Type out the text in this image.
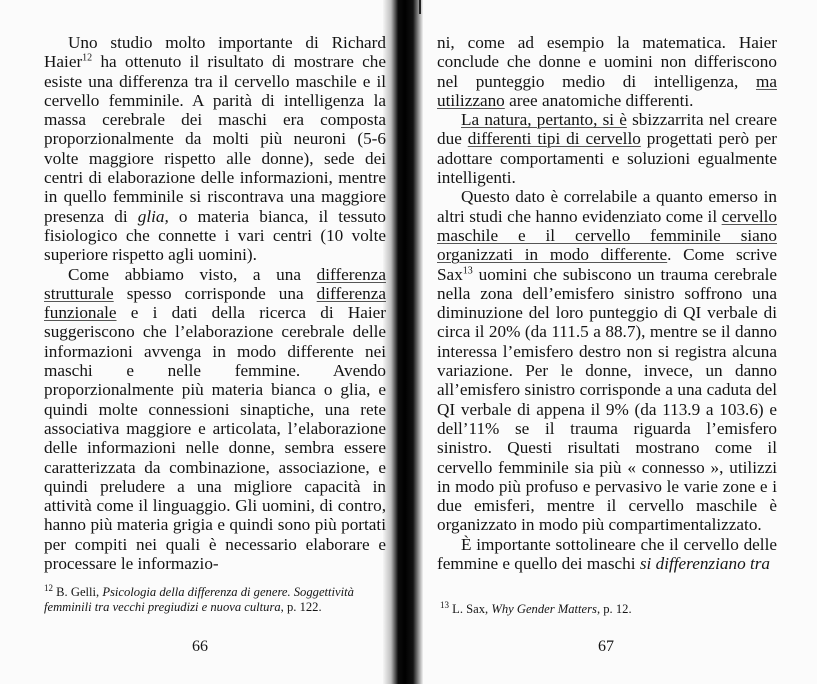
Uno studio molto importante di Richard Haier$^{12}$ ha ottenuto il risultato di mostrare che esiste una differenza tra il cervello maschile e il cervello femminile. A parità di intelligenza la massa cerebrale dei maschi era composta proporzionalmente da molti più neuroni (5-6 volte maggiore rispetto alle donne), sede dei centri di elaborazione delle informazioni, mentre in quello femminile si riscontrava una maggiore presenza di glia, o materia bianca, il tessuto fisiologico che connette i vari centri (10 volte superiore rispetto agli uomini).

Come abbiamo visto, a una differenza strutturale spesso corrisponde una differenza funzionale e i dati della ricerca di Haier suggeriscono che l’elaborazione cerebrale delle informazioni avvenga in modo differente nei maschi e nelle femmine. Avendo proporzionalmente più materia bianca o glia, e quindi molte connessioni sinaptiche, una rete associativa maggiore e articolata, l’elaborazione delle informazioni nelle donne, sembra essere caratterizzata da combinazione, associazione, e quindi preludere a una migliore capacità in attività come il linguaggio. Gli uomini, di contro, hanno più materia grigia e quindi sono più portati per compiti nei quali è necessario elaborare e processare le informazio-

$^{12}$ B. Gelli, Psicologia della differenza di genere. Soggettività femminili tra vecchi pregiudizi e nuova cultura, p. 122.
66

ni, come ad esempio la matematica. Haier conclude che donne e uomini non differiscono nel punteggio medio di intelligenza, ma utilizzano aree anatomiche differenti.

La natura, pertanto, si è sbizzarrita nel creare due differenti tipi di cervello progettati però per adottare comportamenti e soluzioni egualmente intelligenti.

Questo dato è correlabile a quanto emerso in altri studi che hanno evidenziato come il cervello maschile e il cervello femminile siano organizzati in modo differente. Come scrive Sax$^{13}$ uomini che subiscono un trauma cerebrale nella zona dell’emisfero sinistro soffrono una diminuzione del loro punteggio di QI verbale di circa il 20% (da 111.5 a 88.7), mentre se il danno interessa l’emisfero destro non si registra alcuna variazione. Per le donne, invece, un danno all’emisfero sinistro corrisponde a una caduta del QI verbale di appena il 9% (da 113.9 a 103.6) e dell’11% se il trauma riguarda l’emisfero sinistro. Questi risultati mostrano come il cervello femminile sia più « connesso », utilizzi in modo più profuso e pervasivo le varie zone e i due emisferi, mentre il cervello maschile è organizzato in modo più compartimentalizzato.

È importante sottolineare che il cervello delle femmine e quello dei maschi si differenziano tra

$^{13}$ L. Sax, Why Gender Matters, p. 12.
67
